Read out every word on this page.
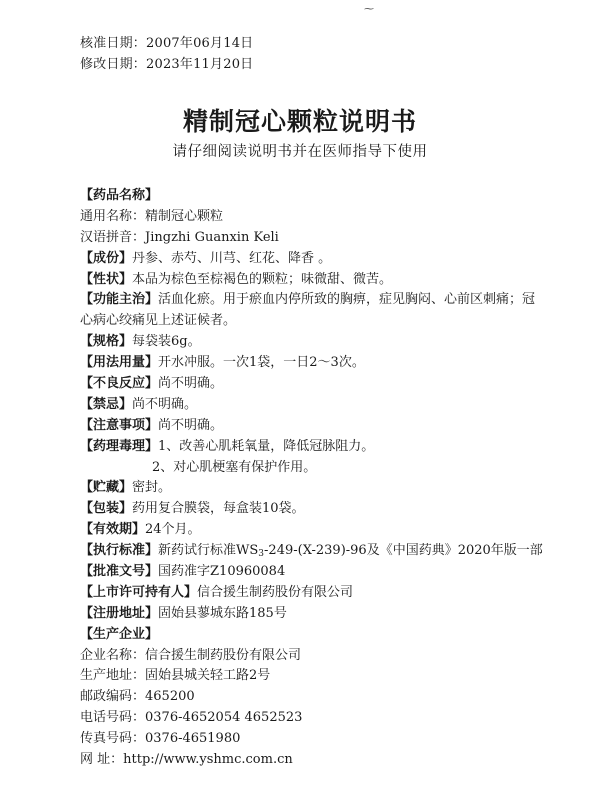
⁓
核准日期：2007年06月14日
修改日期：2023年11月20日
精制冠心颗粒说明书
请仔细阅读说明书并在医师指导下使用
【药品名称】
通用名称：精制冠心颗粒
汉语拼音：Jingzhi Guanxin Keli
【成份】丹参、赤芍、川芎、红花、降香 。
【性状】本品为棕色至棕褐色的颗粒；味微甜、微苦。
【功能主治】活血化瘀。用于瘀血内停所致的胸痹，症见胸闷、心前区刺痛；冠
心病心绞痛见上述证候者。
【规格】每袋装6g。
【用法用量】开水冲服。一次1袋，一日2～3次。
【不良反应】尚不明确。
【禁忌】尚不明确。
【注意事项】尚不明确。
【药理毒理】1、改善心肌耗氧量，降低冠脉阻力。
2、对心肌梗塞有保护作用。
【贮藏】密封。
【包装】药用复合膜袋，每盒装10袋。
【有效期】24个月。
【执行标准】新药试行标准$WS_3-249-(X-239)-96$及《中国药典》2020年版一部
【批准文号】国药准字Z10960084
【上市许可持有人】信合援生制药股份有限公司
【注册地址】固始县蓼城东路185号
【生产企业】
企业名称：信合援生制药股份有限公司
生产地址：固始县城关轻工路2号
邮政编码：465200
电话号码：0376-4652054 4652523
传真号码：0376-4651980
网 址：http://www.yshmc.com.cn
